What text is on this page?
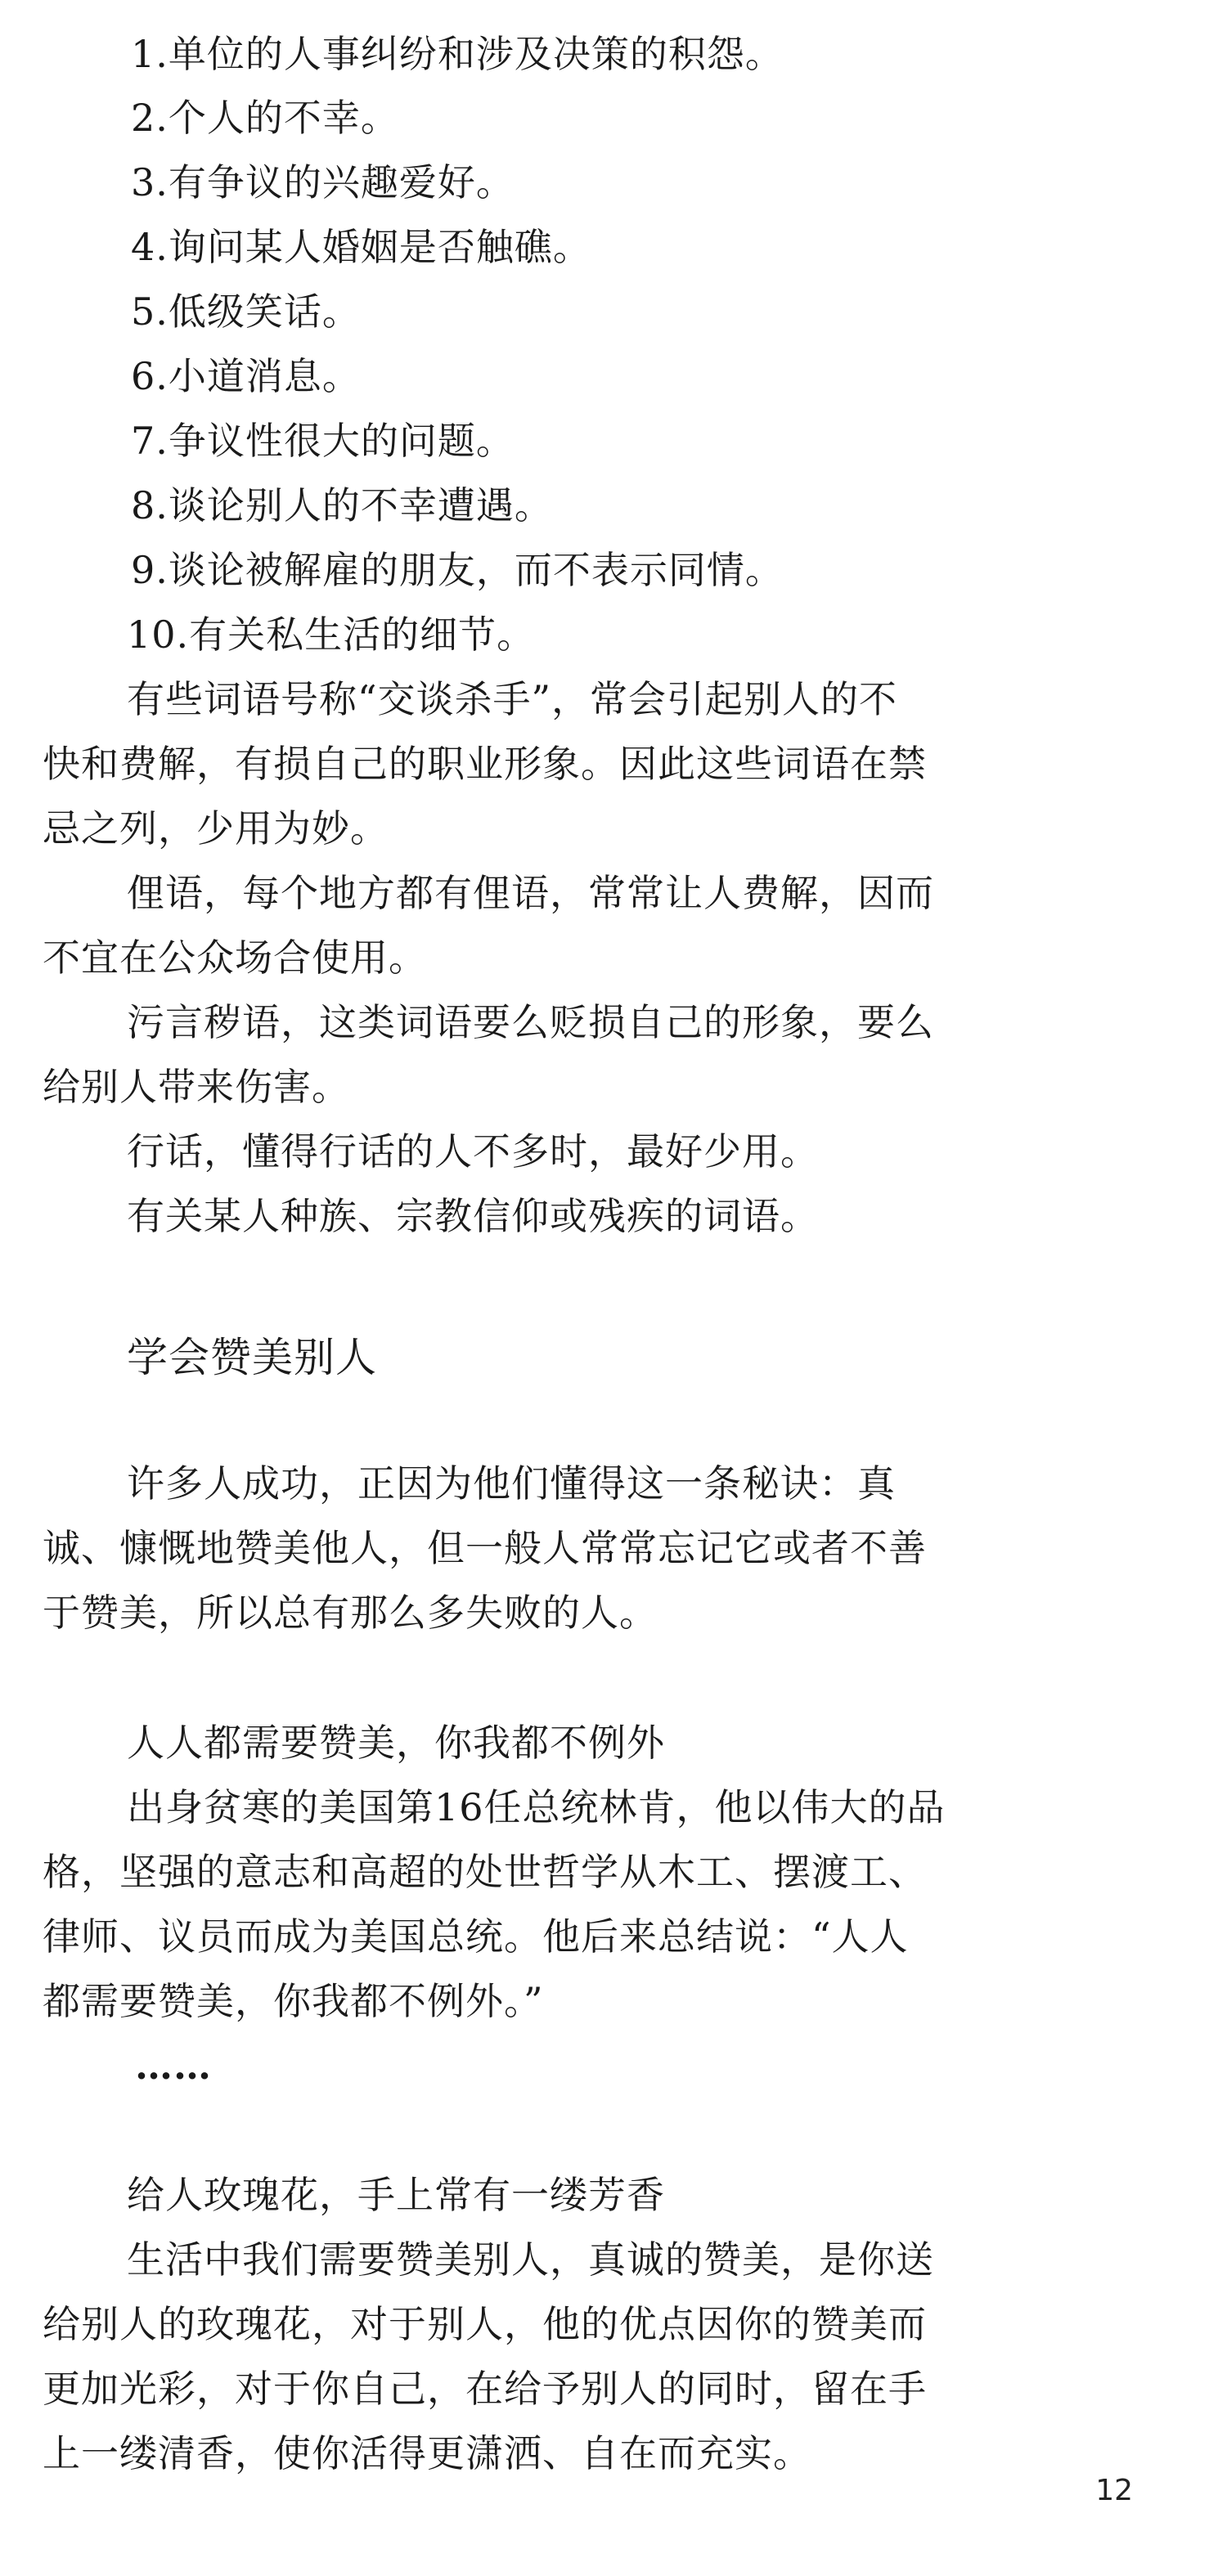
1.单位的人事纠纷和涉及决策的积怨。
2.个人的不幸。
3.有争议的兴趣爱好。
4.询问某人婚姻是否触礁。
5.低级笑话。
6.小道消息。
7.争议性很大的问题。
8.谈论别人的不幸遭遇。
9.谈论被解雇的朋友，而不表示同情。
10.有关私生活的细节。
有些词语号称“交谈杀手”，常会引起别人的不
快和费解，有损自己的职业形象。因此这些词语在禁
忌之列，少用为妙。
俚语，每个地方都有俚语，常常让人费解，因而
不宜在公众场合使用。
污言秽语，这类词语要么贬损自己的形象，要么
给别人带来伤害。
行话，懂得行话的人不多时，最好少用。
有关某人种族、宗教信仰或残疾的词语。
学会赞美别人
许多人成功，正因为他们懂得这一条秘诀：真
诚、慷慨地赞美他人，但一般人常常忘记它或者不善
于赞美，所以总有那么多失败的人。
人人都需要赞美，你我都不例外
出身贫寒的美国第16任总统林肯，他以伟大的品
格，坚强的意志和高超的处世哲学从木工、摆渡工、
律师、议员而成为美国总统。他后来总结说：“人人
都需要赞美，你我都不例外。”
……
给人玫瑰花，手上常有一缕芳香
生活中我们需要赞美别人，真诚的赞美，是你送
给别人的玫瑰花，对于别人，他的优点因你的赞美而
更加光彩，对于你自己，在给予别人的同时，留在手
上一缕清香，使你活得更潇洒、自在而充实。
12
